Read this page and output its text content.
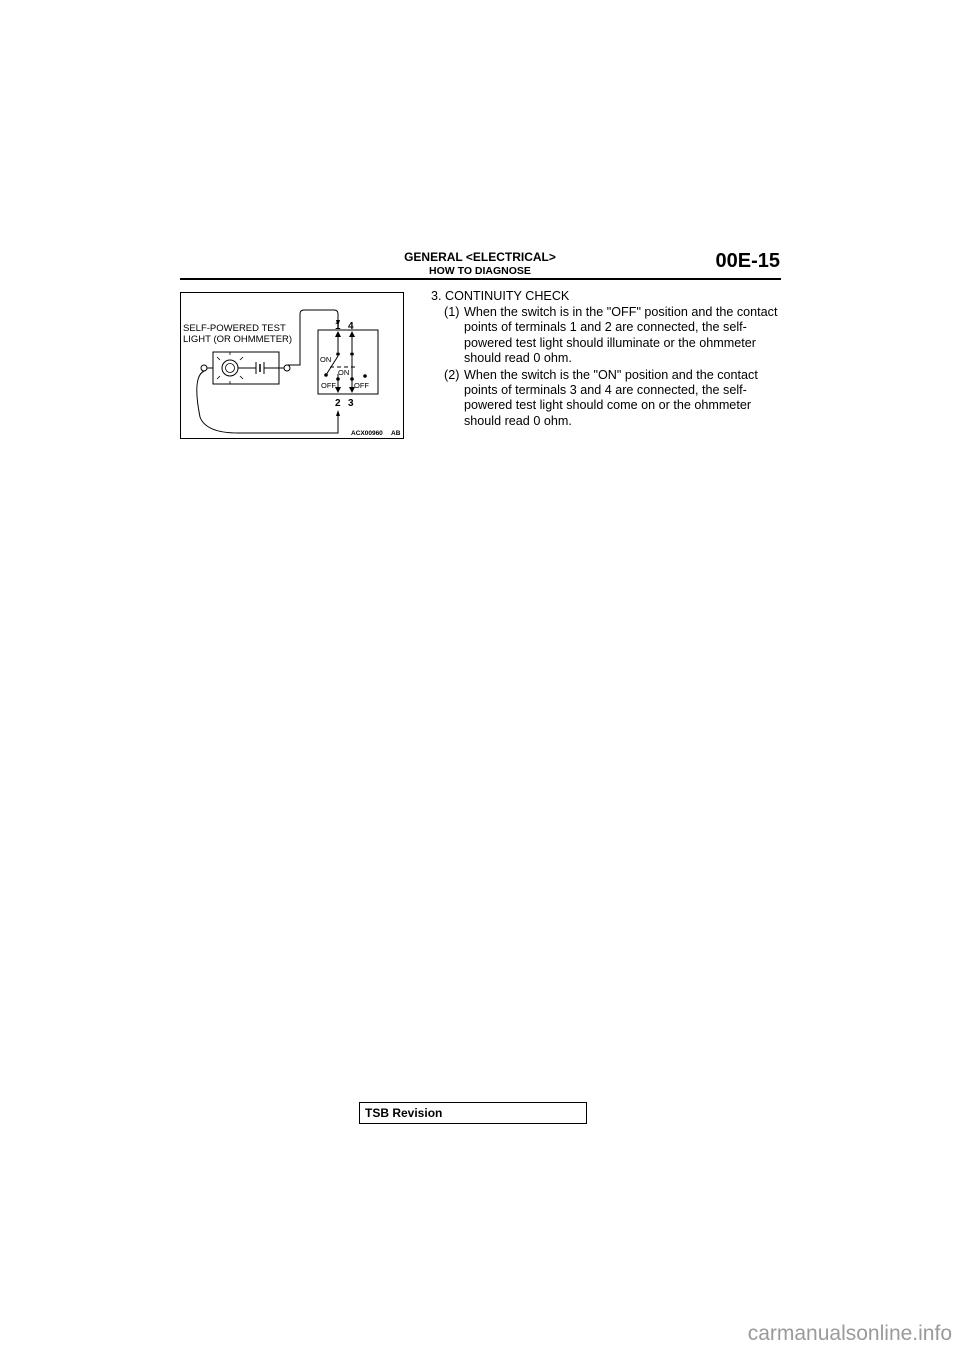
GENERAL <ELECTRICAL>
HOW TO DIAGNOSE	00E-15
SELF-POWERED TEST
LIGHT (OR OHMMETER)
1 4
2 3
ON
ON
OFF OFF
ACX00960 AB
3. CONTINUITY CHECK
(1) When the switch is in the "OFF" position and the contact points of terminals 1 and 2 are connected, the self-powered test light should illuminate or the ohmmeter should read 0 ohm.
(2) When the switch is the "ON" position and the contact points of terminals 3 and 4 are connected, the self-powered test light should come on or the ohmmeter should read 0 ohm.
TSB Revision
carmanualsonline.info
